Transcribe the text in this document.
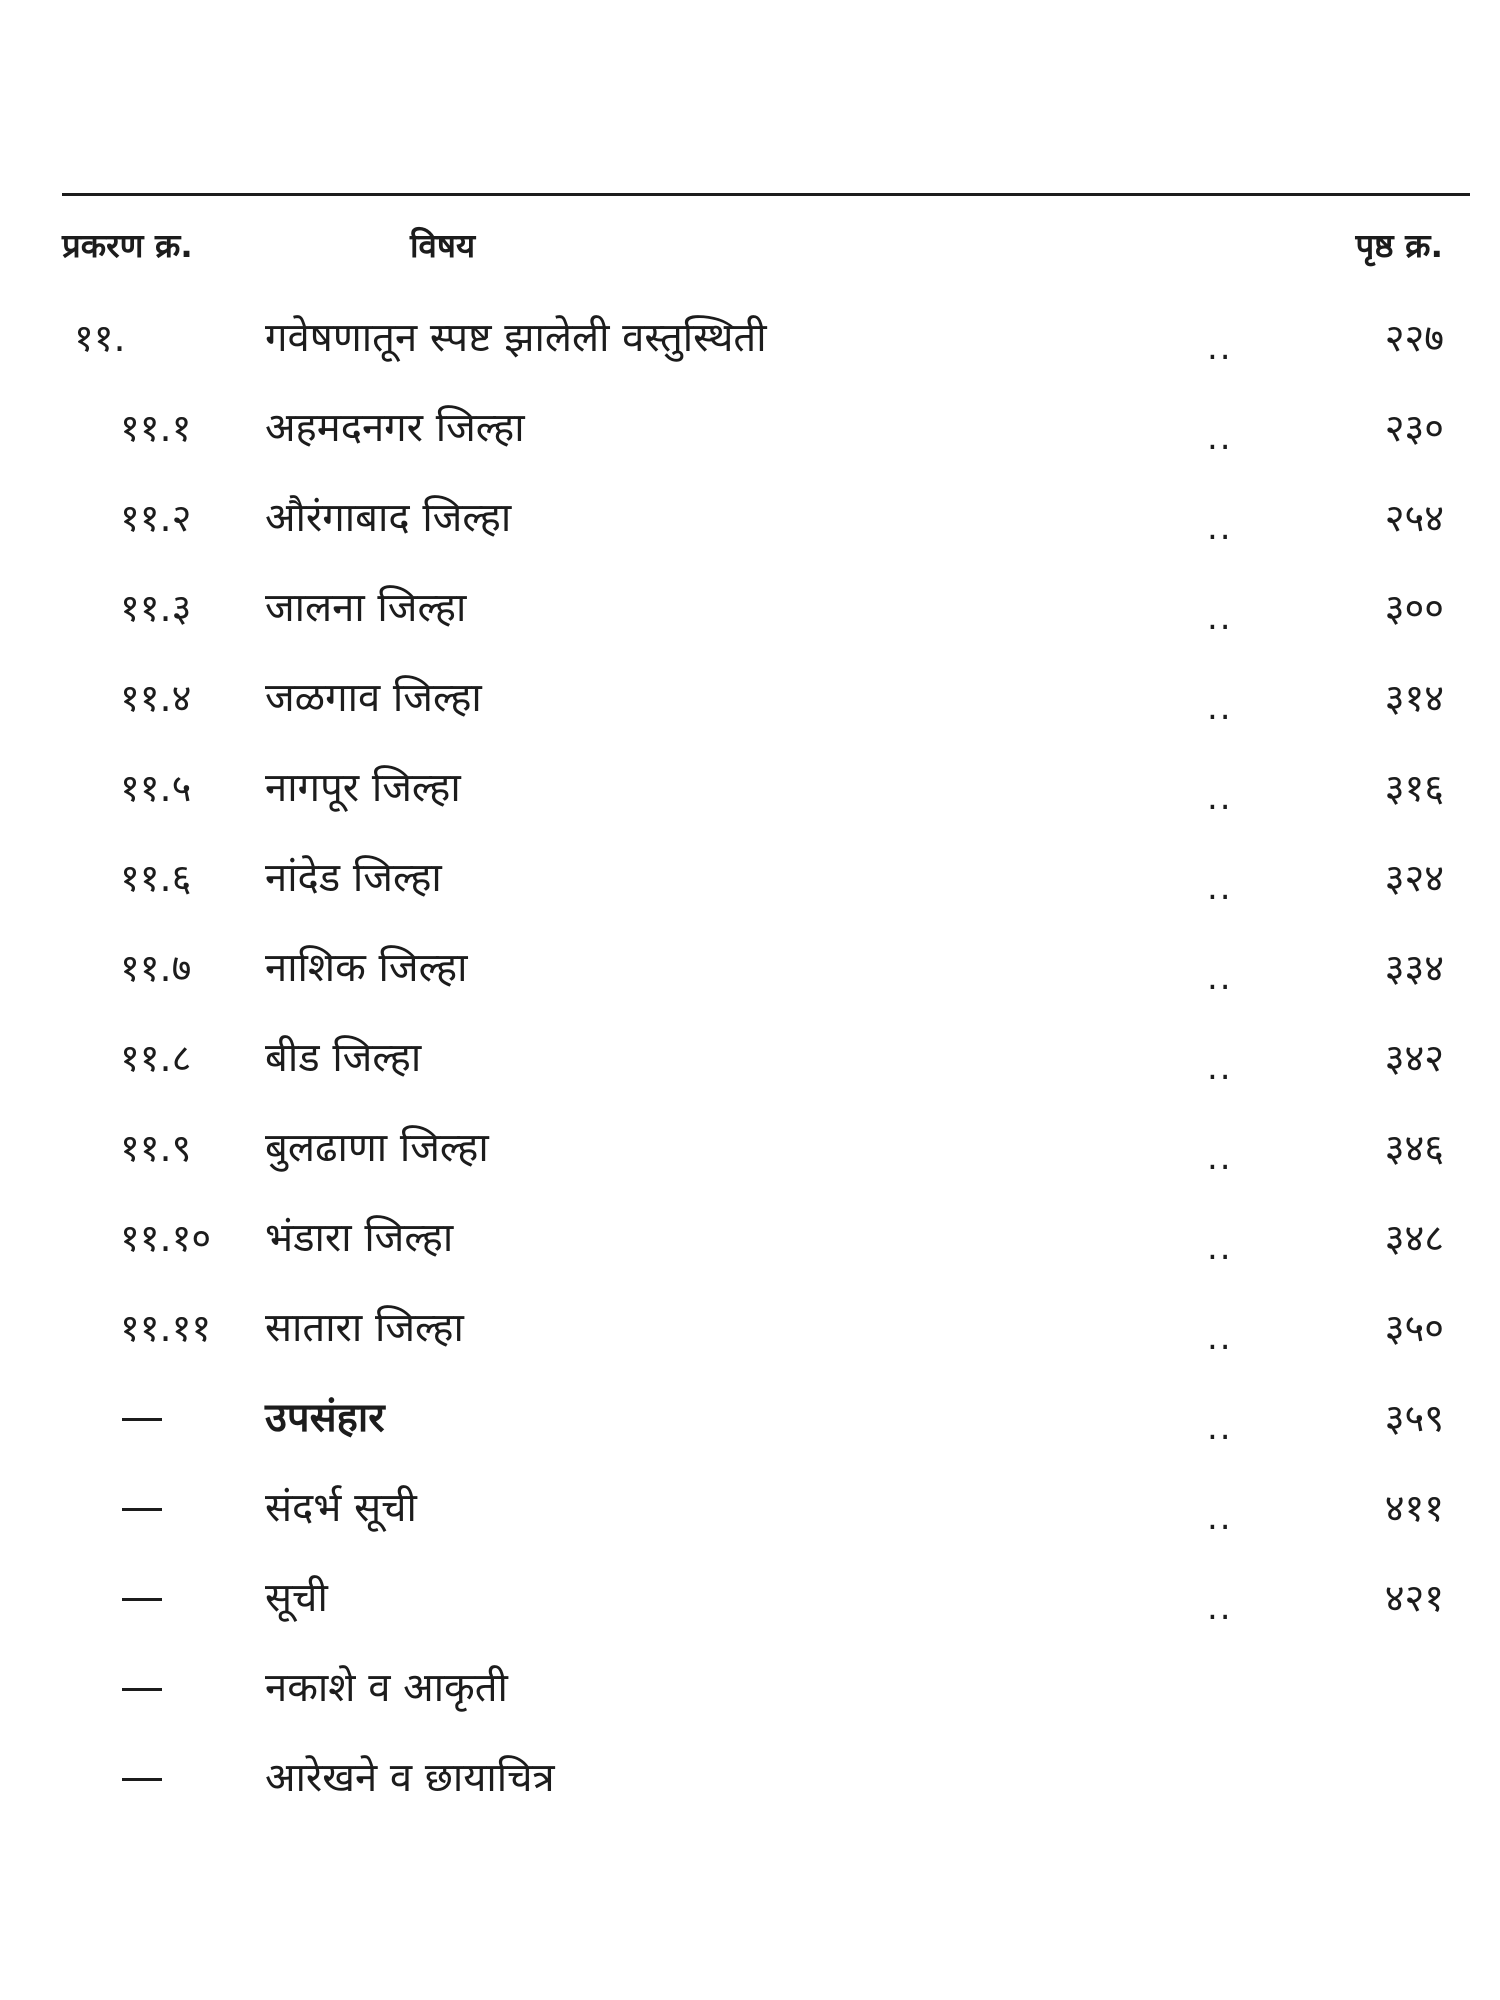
प्रकरण क्र.	विषय	पृष्ठ क्र.
११.	गवेषणातून स्पष्ट झालेली वस्तुस्थिती	..	२२७
११.१ अहमदनगर जिल्हा	..	२३०
११.२ औरंगाबाद जिल्हा	..	२५४
११.३ जालना जिल्हा	..	३००
११.४ जळगाव जिल्हा	..	३१४
११.५ नागपूर जिल्हा	..	३१६
११.६ नांदेड जिल्हा	..	३२४
११.७ नाशिक जिल्हा	..	३३४
११.८ बीड जिल्हा	..	३४२
११.९ बुलढाणा जिल्हा	..	३४६
११.१० भंडारा जिल्हा	..	३४८
११.११ सातारा जिल्हा	..	३५०
उपसंहार	..	३५९
संदर्भ सूची	..	४११
सूची	..	४२१
नकाशे व आकृती
आरेखने व छायाचित्र
